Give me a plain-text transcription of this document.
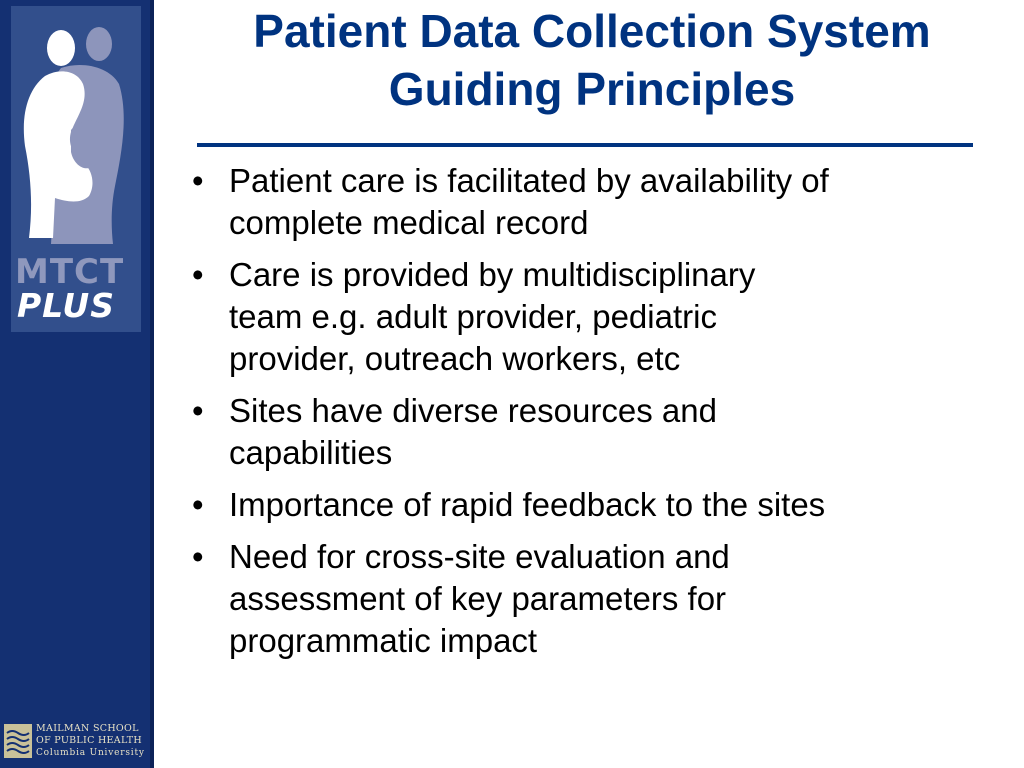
MTCT
PLUS
MAILMAN SCHOOL
OF PUBLIC HEALTH
Columbia University
Patient Data Collection System
Guiding Principles
• Patient care is facilitated by availability of
complete medical record
• Care is provided by multidisciplinary
team e.g. adult provider, pediatric
provider, outreach workers, etc
• Sites have diverse resources and
capabilities
• Importance of rapid feedback to the sites
• Need for cross-site evaluation and
assessment of key parameters for
programmatic impact
